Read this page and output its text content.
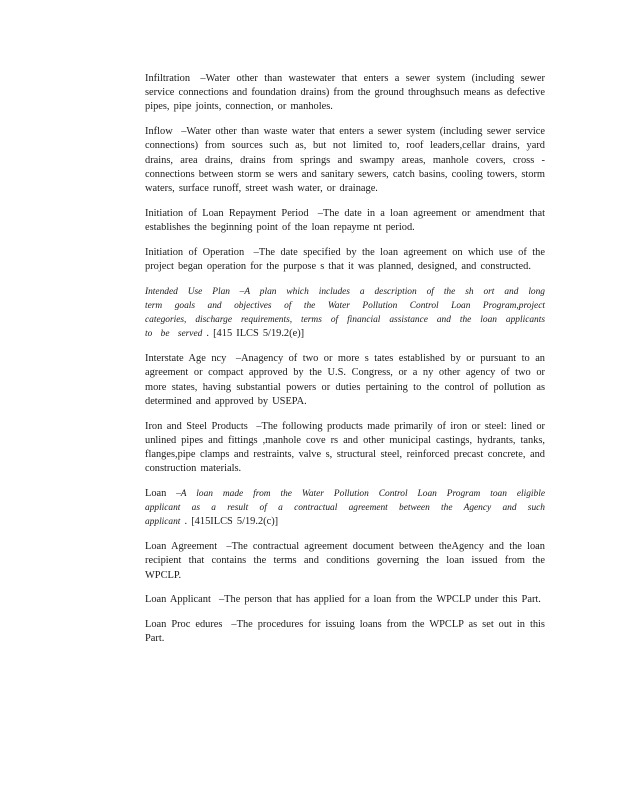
Infiltration –Water other than wastewater that enters a sewer system (including sewer service connections and foundation drains) from the ground throughsuch means as defective pipes, pipe joints, connection, or manholes.

Inflow –Water other than waste water that enters a sewer system (including sewer service connections) from sources such as, but not limited to, roof leaders,cellar drains, yard drains, area drains, drains from springs and swampy areas, manhole covers, cross -connections between storm se wers and sanitary sewers, catch basins, cooling towers, storm waters, surface runoff, street wash water, or drainage.

Initiation of Loan Repayment Period –The date in a loan agreement or amendment that establishes the beginning point of the loan repayme nt period.

Initiation of Operation –The date specified by the loan agreement on which use of the project began operation for the purpose s that it was planned, designed, and constructed.

Intended Use Plan –A plan which includes a description of the sh ort and long term goals and objectives of the Water Pollution Control Loan Program,project categories, discharge requirements, terms of financial assistance and the loan applicants to be served . [415 ILCS 5/19.2(e)]

Interstate Age ncy –Anagency of two or more s tates established by or pursuant to an agreement or compact approved by the U.S. Congress, or a ny other agency of two or more states, having substantial powers or duties pertaining to the control of pollution as determined and approved by USEPA.

Iron and Steel Products –The following products made primarily of iron or steel: lined or unlined pipes and fittings ,manhole cove rs and other municipal castings, hydrants, tanks, flanges,pipe clamps and restraints, valve s, structural steel, reinforced precast concrete, and construction materials.

Loan –A loan made from the Water Pollution Control Loan Program toan eligible applicant as a result of a contractual agreement between the Agency and such applicant . [415ILCS 5/19.2(c)]

Loan Agreement –The contractual agreement document between theAgency and the loan recipient that contains the terms and conditions governing the loan issued from the WPCLP.

Loan Applicant –The person that has applied for a loan from the WPCLP under this Part.

Loan Proc edures –The procedures for issuing loans from the WPCLP as set out in this Part.
